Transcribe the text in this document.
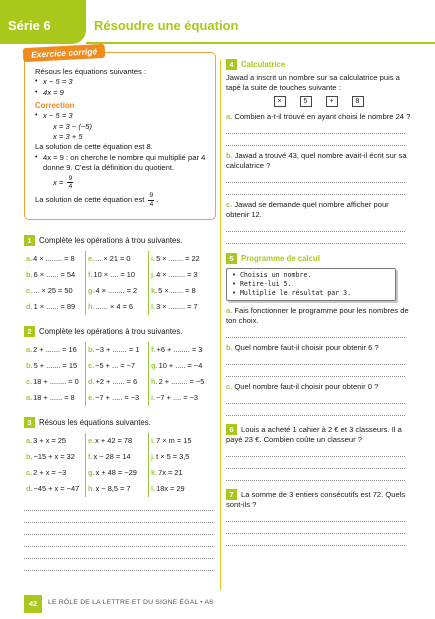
Série 6	Résoudre une équation
Exercice corrigé
Résous les équations suivantes :
• x − 5 = 3
• 4x = 9
Correction
• x − 5 = 3
x = 3 − (−5)
x = 3 + 5
La solution de cette équation est 8.
• 4x = 9 : on cherche le nombre qui multiplié par 4 donne 9. C'est la définition du quotient.
$x = \frac{9}{4}$
La solution de cette équation est $\frac{9}{4}$ .
1 Complète les opérations à trou suivantes.
a.4 × ........ = 8	e.... × 21 = 0	i.5 × ....... = 22
b.6 × ...... = 54	f.10 × .... = 10	j.4 × ........ = 3
c.... × 25 = 50	g.4 × ........ = 2	k.5 × ...... = 8
d.1 × ...... = 89	h....... × 4 = 6	l.3 × ........ = 7
2 Complète les opérations à trou suivantes.
a.2 + ....... = 16	b.−3 + ....... = 1	f.+6 + ........ = 3
b.5 + ....... = 15	c.−5 + ... = −7	g.10 + ..... = −4
c.18 + ........ = 0	d.+2 + ...... = 6	h.2 + ........ = −5
a.18 + ...... = 8	e.−7 + ..... = −3	i.−7 + .... = −3
3 Résous les équations suivantes.
a.3 + x = 25	e.x + 42 = 78	i.7 × m = 15
b.−15 + x = 32	f.x − 28 = 14	j.t × 5 = 3,5
c.2 + x = −3	g.x + 48 = −29	k.7x = 21
d.−45 + x = −47	h.x − 8,5 = 7	l.18x = 29
4 Calculatrice
Jawad a inscrit un nombre sur sa calculatrice puis a tapé la suite de touches suivante :
×	5	+	8
a. Combien a-t-il trouvé en ayant choisi le nombre 24 ?
b. Jawad a trouvé 43, quel nombre avait-il écrit sur sa calculatrice ?
c. Jawad se demande quel nombre afficher pour obtenir 12.
5 Programme de calcul
• Choisis un nombre.
• Retire-lui 5.
• Multiplie le résultat par 3.
a. Fais fonctionner le programme pour les nombres de ton choix.
b. Quel nombre faut-il choisir pour obtenir 6 ?
c. Quel nombre faut-il choisir pour obtenir 0 ?
6 Louis a acheté 1 cahier à 2 € et 3 classeurs. Il a payé 23 €. Combien coûte un classeur ?
7 La somme de 3 entiers consécutifs est 72. Quels sont-ils ?
42	LE RÔLE DE LA LETTRE ET DU SIGNE ÉGAL • A6
